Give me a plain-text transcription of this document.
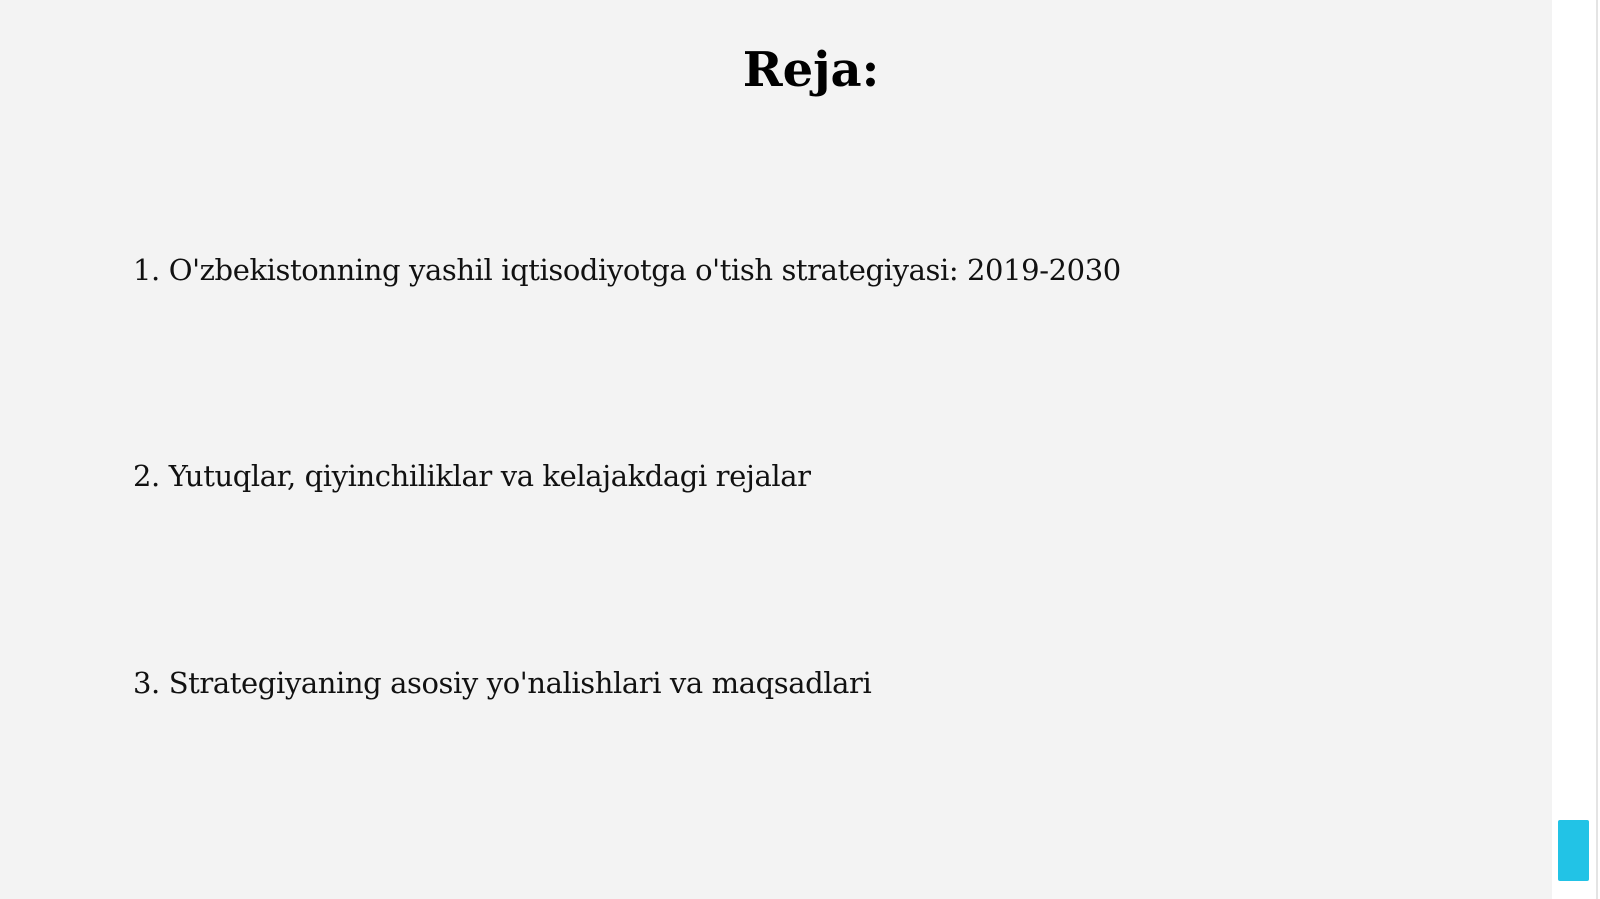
Reja:
1. O'zbekistonning yashil iqtisodiyotga o'tish strategiyasi: 2019-2030
2. Yutuqlar, qiyinchiliklar va kelajakdagi rejalar
3. Strategiyaning asosiy yo'nalishlari va maqsadlari
